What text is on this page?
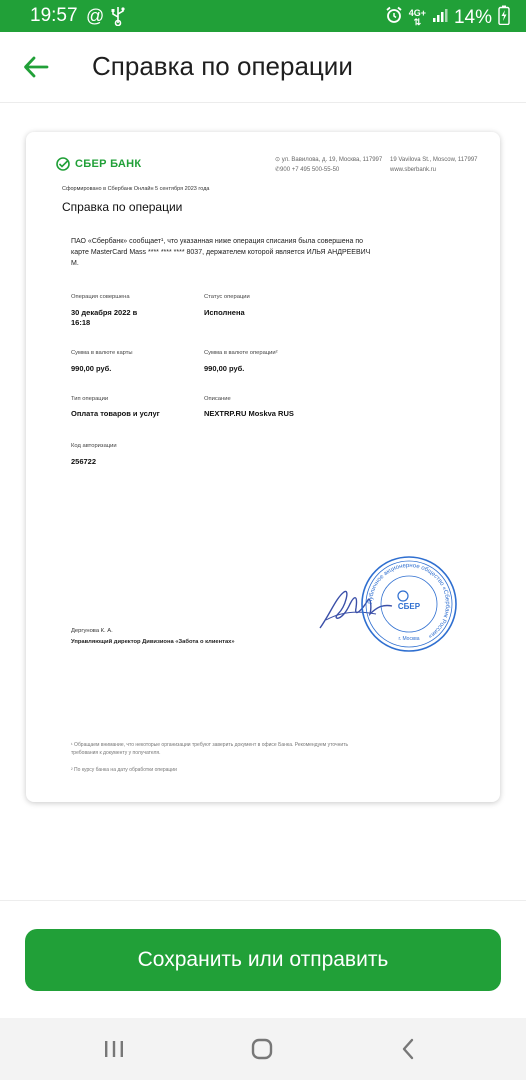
19:57 @	4G+
⇅ 14%
Справка по операции
СБЕР БАНК	⊙ ул. Вавилова, д. 19, Москва, 117997
✆900 +7 495 500-55-50
19 Vavilova St., Moscow, 117997
www.sberbank.ru
Сформировано в Сбербанк Онлайн 5 сентября 2023 года
Справка по операции
ПАО «Сбербанк» сообщает¹, что указанная ниже операция списания была совершена по карте MasterCard Mass **** **** **** 8037, держателем которой является ИЛЬЯ АНДРЕЕВИЧ М.
Операция совершена
30 декабря 2022 в 16:18
Статус операции
Исполнена
Сумма в валюте карты
990,00 руб.
Сумма в валюте операции²
990,00 руб.
Тип операции
Оплата товаров и услуг
Описание
NEXTRP.RU Moskva RUS
Код авторизации
256722
Публичное акционерное общество «Сбербанк России»
СБЕР
г. Москва
Дергунова К. А.
Управляющий директор Дивизиона «Забота о клиентах»
¹ Обращаем внимание, что некоторые организации требуют заверить документ в офисе Банка. Рекомендуем уточнить требования к документу у получателя.
² По курсу банка на дату обработки операции
Сохранить или отправить
